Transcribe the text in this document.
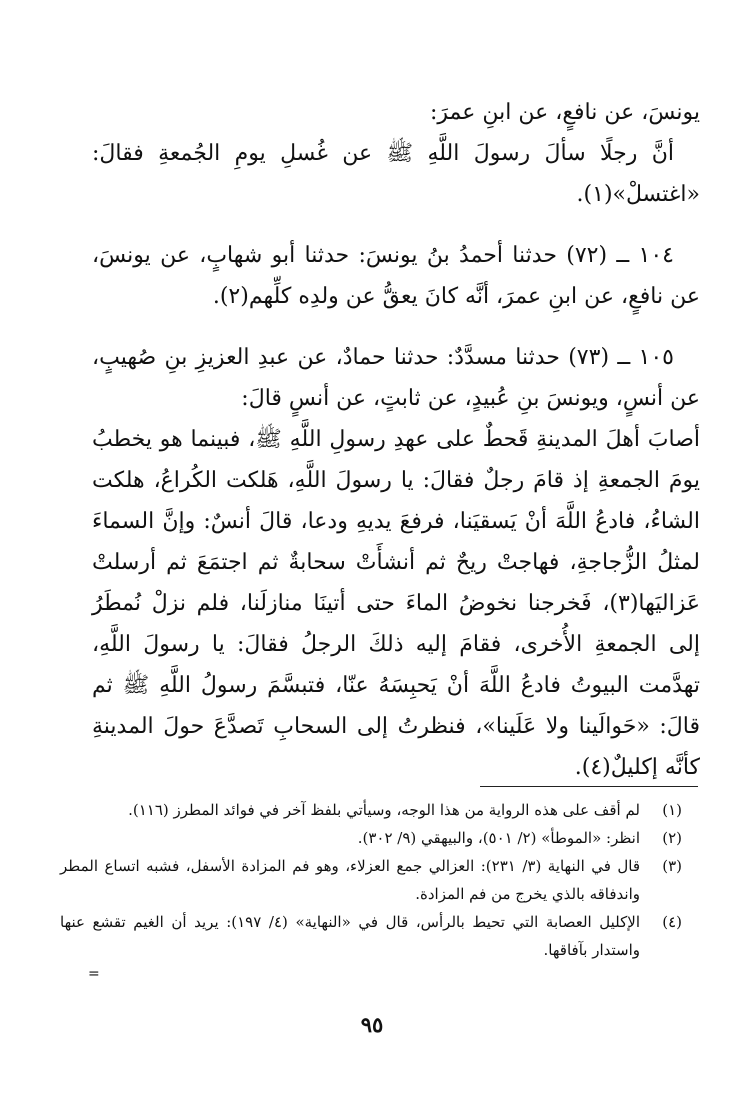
يونسَ، عن نافعٍ، عن ابنِ عمرَ:

أنَّ رجلًا سألَ رسولَ اللَّهِ ﷺ عن غُسلِ يومِ الجُمعةِ فقالَ: «اغتسلْ»(١).

١٠٤ ــ (٧٢) حدثنا أحمدُ بنُ يونسَ: حدثنا أبو شهابٍ، عن يونسَ، عن نافعٍ، عن ابنِ عمرَ، أنَّه كانَ يعقُّ عن ولدِه كلِّهم(٢).

١٠٥ ــ (٧٣) حدثنا مسدَّدٌ: حدثنا حمادٌ، عن عبدِ العزيزِ بنِ صُهيبٍ، عن أنسٍ، ويونسَ بنِ عُبيدٍ، عن ثابتٍ، عن أنسٍ قالَ:

أصابَ أهلَ المدينةِ قَحطٌ على عهدِ رسولِ اللَّهِ ﷺ، فبينما هو يخطبُ يومَ الجمعةِ إذ قامَ رجلٌ فقالَ: يا رسولَ اللَّهِ، هَلكت الكُراعُ، هلكت الشاءُ، فادعُ اللَّهَ أنْ يَسقيَنا، فرفعَ يديهِ ودعا، قالَ أنسٌ: وإنَّ السماءَ لمثلُ الزُّجاجةِ، فهاجتْ ريحٌ ثم أنشأَتْ سحابةٌ ثم اجتمَعَ ثم أرسلتْ عَزاليَها(٣)، فَخرجنا نخوضُ الماءَ حتى أتينَا منازلَنا، فلم نزلْ نُمطَرُ إلى الجمعةِ الأُخرى، فقامَ إليه ذلكَ الرجلُ فقالَ: يا رسولَ اللَّهِ، تهدَّمت البيوتُ فادعُ اللَّهَ أنْ يَحبِسَهُ عنّا، فتبسَّمَ رسولُ اللَّهِ ﷺ ثم قالَ: «حَوالَينا ولا عَلَينا»، فنظرتُ إلى السحابِ تَصدَّعَ حولَ المدينةِ كأنَّه إكليلٌ(٤).

(١)
لم أقف على هذه الرواية من هذا الوجه، وسيأتي بلفظ آخر في فوائد المطرز (١١٦).
(٢)
انظر: «الموطأ» (٢/ ٥٠١)، والبيهقي (٩/ ٣٠٢).
(٣)
قال في النهاية (٣/ ٢٣١): العزالي جمع العزلاء، وهو فم المزادة الأسفل، فشبه اتساع المطر واندفاقه بالذي يخرج من فم المزادة.
(٤)
الإكليل العصابة التي تحيط بالرأس، قال في «النهاية» (٤/ ١٩٧): يريد أن الغيم تقشع عنها واستدار بآفاقها.
=
٩٥
